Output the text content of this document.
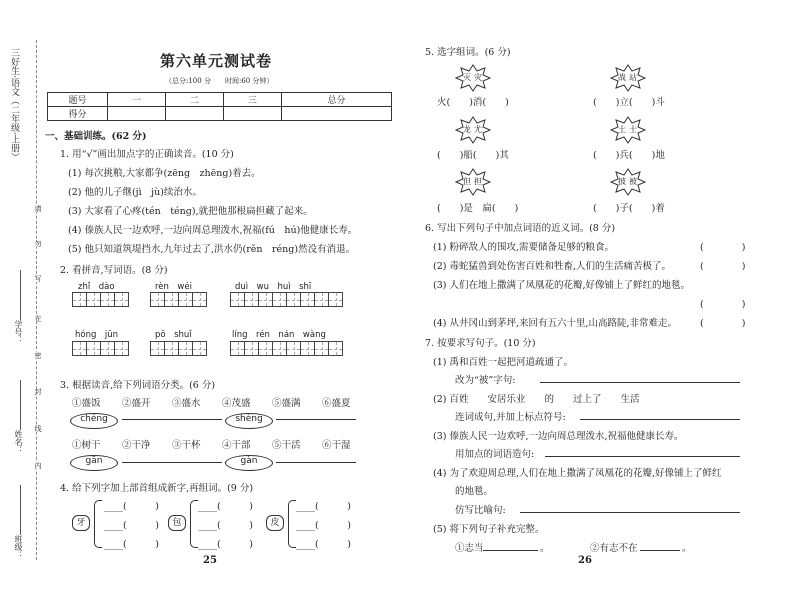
三好生·语文（二年级·上册）
请
勿
写
在
密
封
线
内
学号：
姓名：
班级：
第六单元测试卷
（总分:100 分　　时间:60 分钟）
题号	一	二	三	总分
得分				
一、基础训练。(62 分)
1. 用“√”画出加点字的正确读音。(10 分)
(1) 每次挑粮,大家都争(zēng　zhēng)着去。
(2) 他的儿子继(jì　jù)续治水。
(3) 大家看了心疼(tén　téng),就把他那根扁担藏了起来。
(4) 傣族人民一边欢呼,一边向周总理泼水,祝福(fú　hú)他健康长寿。
(5) 他只知道筑堤挡水,九年过去了,洪水仍(rěn　réng)然没有消退。
2. 看拼音,写词语。(8 分)
zhǐ　dào	rèn　wéi	duì　wu　huì　shī
hóng　jūn	pō　shuǐ	líng　rén　nán　wàng
3. 根据读音,给下列词语分类。(6 分)
①盛饭 ②盛开 ③盛水 ④茂盛 ⑤盛满 ⑥盛夏
chéng	shèng
①树干 ②干净 ③干杯 ④干部 ⑤干活 ⑥干湿
gān	gàn
4. 给下列字加上部首组成新字,再组词。(9 分)
牙
____(　　　)
____(　　　)
____(　　　)
包
____(　　　)
____(　　　)
____(　　　)
皮
____(　　　)
____(　　　)
____(　　　)
25
5. 选字组词。(6 分)
灭 灾	战 站
火(　　)消(　　)	(　　)立(　　)斗
龙 尤	土 士
(　　)船(　　)其	(　　)兵(　　)地
但 担	披 被
(　　)是　扁(　　)	(　　)子(　　)着
6. 写出下列句子中加点词语的近义词。(8 分)
(1) 粉碎敌人的围攻,需要储备足够的粮食。	(　　　　)
(2) 毒蛇猛兽到处伤害百姓和牲畜,人们的生活痛苦极了。	(　　　　)
(3) 人们在地上撒满了凤凰花的花瓣,好像铺上了鲜红的地毯。
(　　　　)
(4) 从井冈山到茅坪,来回有五六十里,山高路陡,非常难走。 (　　　　)
7. 按要求写句子。(10 分)
(1) 禹和百姓一起把河道疏通了。
改为“被”字句:
(2) 百姓　　安居乐业　　的　　过上了　　生活
连词成句,并加上标点符号:
(3) 傣族人民一边欢呼,一边向周总理泼水,祝福他健康长寿。
用加点的词语造句:
(4) 为了欢迎周总理,人们在地上撒满了凤凰花的花瓣,好像铺上了鲜红
的地毯。
仿写比喻句:
(5) 将下列句子补充完整。
①志当	。	②有志不在	。
26
